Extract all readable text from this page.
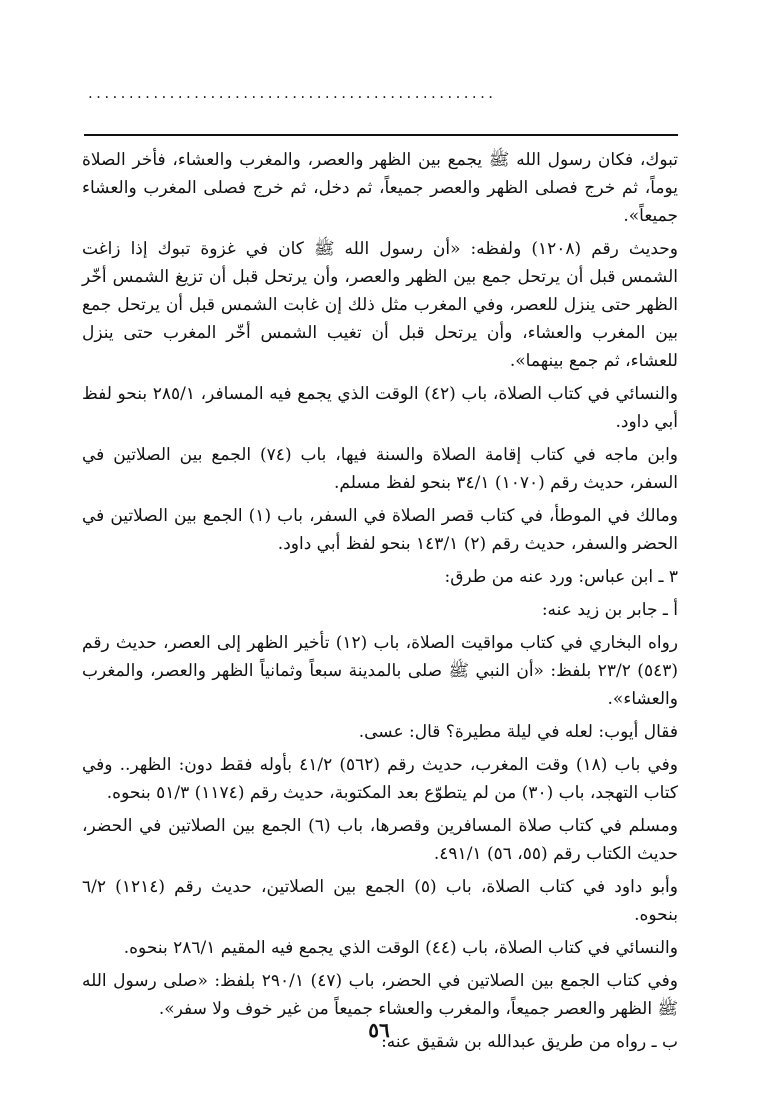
..................................................

تبوك، فكان رسول الله ﷺ يجمع بين الظهر والعصر، والمغرب والعشاء، فأخر الصلاة يوماً، ثم خرج فصلى الظهر والعصر جميعاً، ثم دخل، ثم خرج فصلى المغرب والعشاء جميعاً».

وحديث رقم (١٢٠٨) ولفظه: «أن رسول الله ﷺ كان في غزوة تبوك إذا زاغت الشمس قبل أن يرتحل جمع بين الظهر والعصر، وأن يرتحل قبل أن تزيغ الشمس أخّر الظهر حتى ينزل للعصر، وفي المغرب مثل ذلك إن غابت الشمس قبل أن يرتحل جمع بين المغرب والعشاء، وأن يرتحل قبل أن تغيب الشمس أخّر المغرب حتى ينزل للعشاء، ثم جمع بينهما».

والنسائي في كتاب الصلاة، باب (٤٢) الوقت الذي يجمع فيه المسافر، ٢٨٥/١ بنحو لفظ أبي داود.

وابن ماجه في كتاب إقامة الصلاة والسنة فيها، باب (٧٤) الجمع بين الصلاتين في السفر، حديث رقم (١٠٧٠) ٣٤/١ بنحو لفظ مسلم.

ومالك في الموطأ، في كتاب قصر الصلاة في السفر، باب (١) الجمع بين الصلاتين في الحضر والسفر، حديث رقم (٢) ١٤٣/١ بنحو لفظ أبي داود.

٣ ـ ابن عباس: ورد عنه من طرق:

أ ـ جابر بن زيد عنه:

رواه البخاري في كتاب مواقيت الصلاة، باب (١٢) تأخير الظهر إلى العصر، حديث رقم (٥٤٣) ٢٣/٢ بلفظ: «أن النبي ﷺ صلى بالمدينة سبعاً وثمانياً الظهر والعصر، والمغرب والعشاء».

فقال أيوب: لعله في ليلة مطيرة؟ قال: عسى.

وفي باب (١٨) وقت المغرب، حديث رقم (٥٦٢) ٤١/٢ بأوله فقط دون: الظهر.. وفي كتاب التهجد، باب (٣٠) من لم يتطوّع بعد المكتوبة، حديث رقم (١١٧٤) ٥١/٣ بنحوه.

ومسلم في كتاب صلاة المسافرين وقصرها، باب (٦) الجمع بين الصلاتين في الحضر، حديث الكتاب رقم (٥٥، ٥٦) ٤٩١/١.

وأبو داود في كتاب الصلاة، باب (٥) الجمع بين الصلاتين، حديث رقم (١٢١٤) ٦/٢ بنحوه.

والنسائي في كتاب الصلاة، باب (٤٤) الوقت الذي يجمع فيه المقيم ٢٨٦/١ بنحوه.

وفي كتاب الجمع بين الصلاتين في الحضر، باب (٤٧) ٢٩٠/١ بلفظ: «صلى رسول الله ﷺ الظهر والعصر جميعاً، والمغرب والعشاء جميعاً من غير خوف ولا سفر».

ب ـ رواه من طريق عبدالله بن شقيق عنه:

٥٦
